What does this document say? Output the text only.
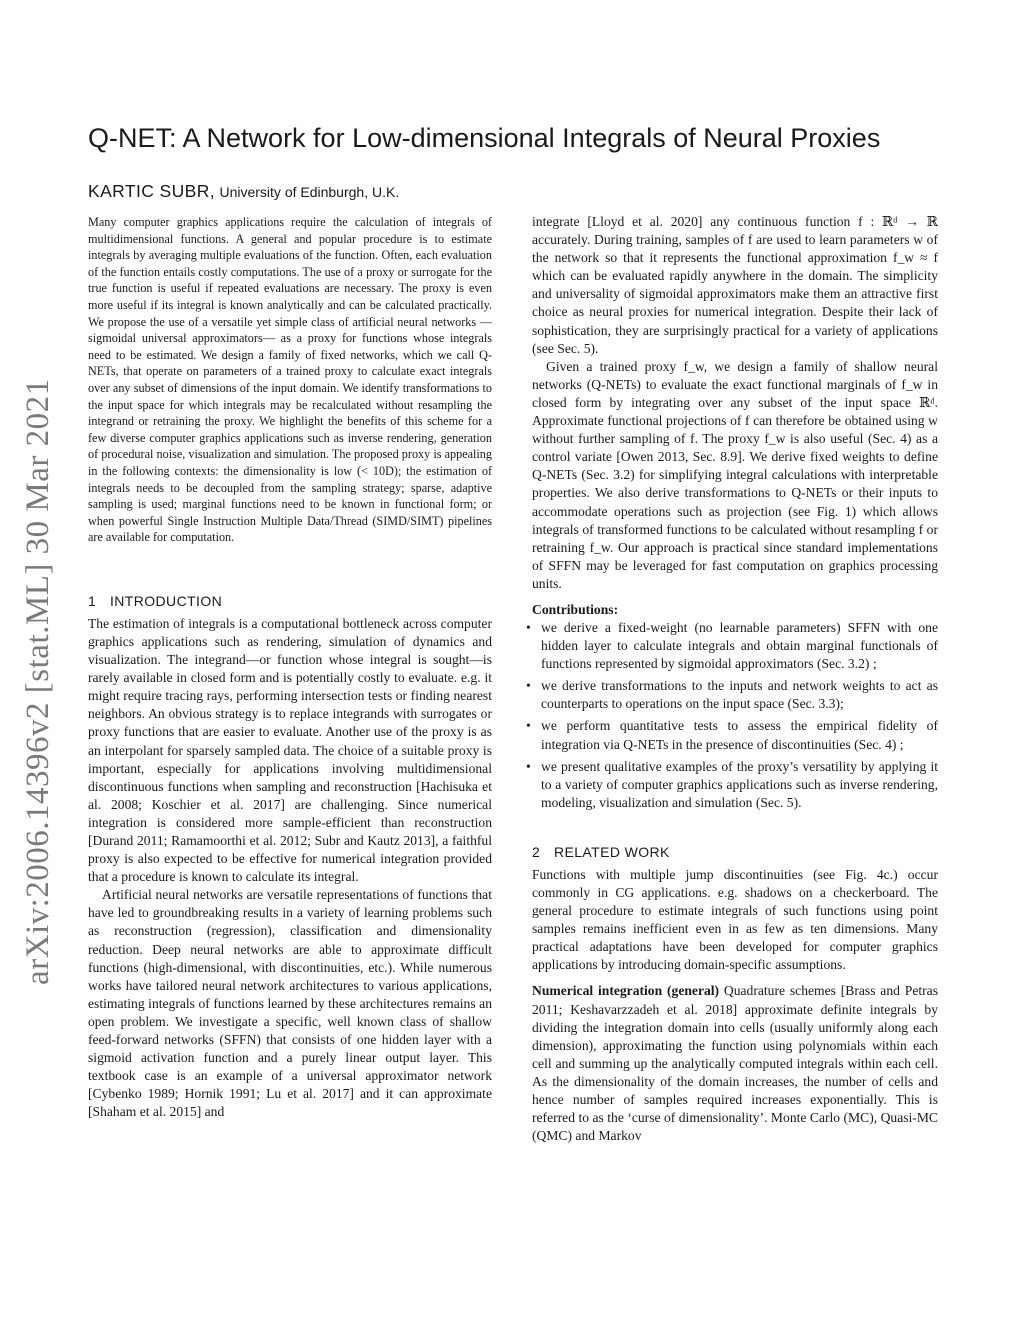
arXiv:2006.14396v2 [stat.ML] 30 Mar 2021
Q-NET: A Network for Low-dimensional Integrals of Neural Proxies
KARTIC SUBR, University of Edinburgh, U.K.

Many computer graphics applications require the calculation of integrals of multidimensional functions. A general and popular procedure is to estimate integrals by averaging multiple evaluations of the function. Often, each evaluation of the function entails costly computations. The use of a proxy or surrogate for the true function is useful if repeated evaluations are necessary. The proxy is even more useful if its integral is known analytically and can be calculated practically. We propose the use of a versatile yet simple class of artificial neural networks —sigmoidal universal approximators— as a proxy for functions whose integrals need to be estimated. We design a family of fixed networks, which we call Q-NETs, that operate on parameters of a trained proxy to calculate exact integrals over any subset of dimensions of the input domain. We identify transformations to the input space for which integrals may be recalculated without resampling the integrand or retraining the proxy. We highlight the benefits of this scheme for a few diverse computer graphics applications such as inverse rendering, generation of procedural noise, visualization and simulation. The proposed proxy is appealing in the following contexts: the dimensionality is low (< 10D); the estimation of integrals needs to be decoupled from the sampling strategy; sparse, adaptive sampling is used; marginal functions need to be known in functional form; or when powerful Single Instruction Multiple Data/Thread (SIMD/SIMT) pipelines are available for computation.

1 INTRODUCTION

The estimation of integrals is a computational bottleneck across computer graphics applications such as rendering, simulation of dynamics and visualization. The integrand—or function whose integral is sought—is rarely available in closed form and is potentially costly to evaluate. e.g. it might require tracing rays, performing intersection tests or finding nearest neighbors. An obvious strategy is to replace integrands with surrogates or proxy functions that are easier to evaluate. Another use of the proxy is as an interpolant for sparsely sampled data. The choice of a suitable proxy is important, especially for applications involving multidimensional discontinuous functions when sampling and reconstruction [Hachisuka et al. 2008; Koschier et al. 2017] are challenging. Since numerical integration is considered more sample-efficient than reconstruction [Durand 2011; Ramamoorthi et al. 2012; Subr and Kautz 2013], a faithful proxy is also expected to be effective for numerical integration provided that a procedure is known to calculate its integral.

Artificial neural networks are versatile representations of functions that have led to groundbreaking results in a variety of learning problems such as reconstruction (regression), classification and dimensionality reduction. Deep neural networks are able to approximate difficult functions (high-dimensional, with discontinuities, etc.). While numerous works have tailored neural network architectures to various applications, estimating integrals of functions learned by these architectures remains an open problem. We investigate a specific, well known class of shallow feed-forward networks (SFFN) that consists of one hidden layer with a sigmoid activation function and a purely linear output layer. This textbook case is an example of a universal approximator network [Cybenko 1989; Hornik 1991; Lu et al. 2017] and it can approximate [Shaham et al. 2015] and

integrate [Lloyd et al. 2020] any continuous function f : ℝᵈ → ℝ accurately. During training, samples of f are used to learn parameters w of the network so that it represents the functional approximation f_w ≈ f which can be evaluated rapidly anywhere in the domain. The simplicity and universality of sigmoidal approximators make them an attractive first choice as neural proxies for numerical integration. Despite their lack of sophistication, they are surprisingly practical for a variety of applications (see Sec. 5).

Given a trained proxy f_w, we design a family of shallow neural networks (Q-NETs) to evaluate the exact functional marginals of f_w in closed form by integrating over any subset of the input space ℝᵈ. Approximate functional projections of f can therefore be obtained using w without further sampling of f. The proxy f_w is also useful (Sec. 4) as a control variate [Owen 2013, Sec. 8.9]. We derive fixed weights to define Q-NETs (Sec. 3.2) for simplifying integral calculations with interpretable properties. We also derive transformations to Q-NETs or their inputs to accommodate operations such as projection (see Fig. 1) which allows integrals of transformed functions to be calculated without resampling f or retraining f_w. Our approach is practical since standard implementations of SFFN may be leveraged for fast computation on graphics processing units.

Contributions:

• we derive a fixed-weight (no learnable parameters) SFFN with one hidden layer to calculate integrals and obtain marginal functionals of functions represented by sigmoidal approximators (Sec. 3.2) ;
• we derive transformations to the inputs and network weights to act as counterparts to operations on the input space (Sec. 3.3);
• we perform quantitative tests to assess the empirical fidelity of integration via Q-NETs in the presence of discontinuities (Sec. 4) ;
• we present qualitative examples of the proxy’s versatility by applying it to a variety of computer graphics applications such as inverse rendering, modeling, visualization and simulation (Sec. 5).

2 RELATED WORK

Functions with multiple jump discontinuities (see Fig. 4c.) occur commonly in CG applications. e.g. shadows on a checkerboard. The general procedure to estimate integrals of such functions using point samples remains inefficient even in as few as ten dimensions. Many practical adaptations have been developed for computer graphics applications by introducing domain-specific assumptions.

Numerical integration (general) Quadrature schemes [Brass and Petras 2011; Keshavarzzadeh et al. 2018] approximate definite integrals by dividing the integration domain into cells (usually uniformly along each dimension), approximating the function using polynomials within each cell and summing up the analytically computed integrals within each cell. As the dimensionality of the domain increases, the number of cells and hence number of samples required increases exponentially. This is referred to as the ‘curse of dimensionality’. Monte Carlo (MC), Quasi-MC (QMC) and Markov
